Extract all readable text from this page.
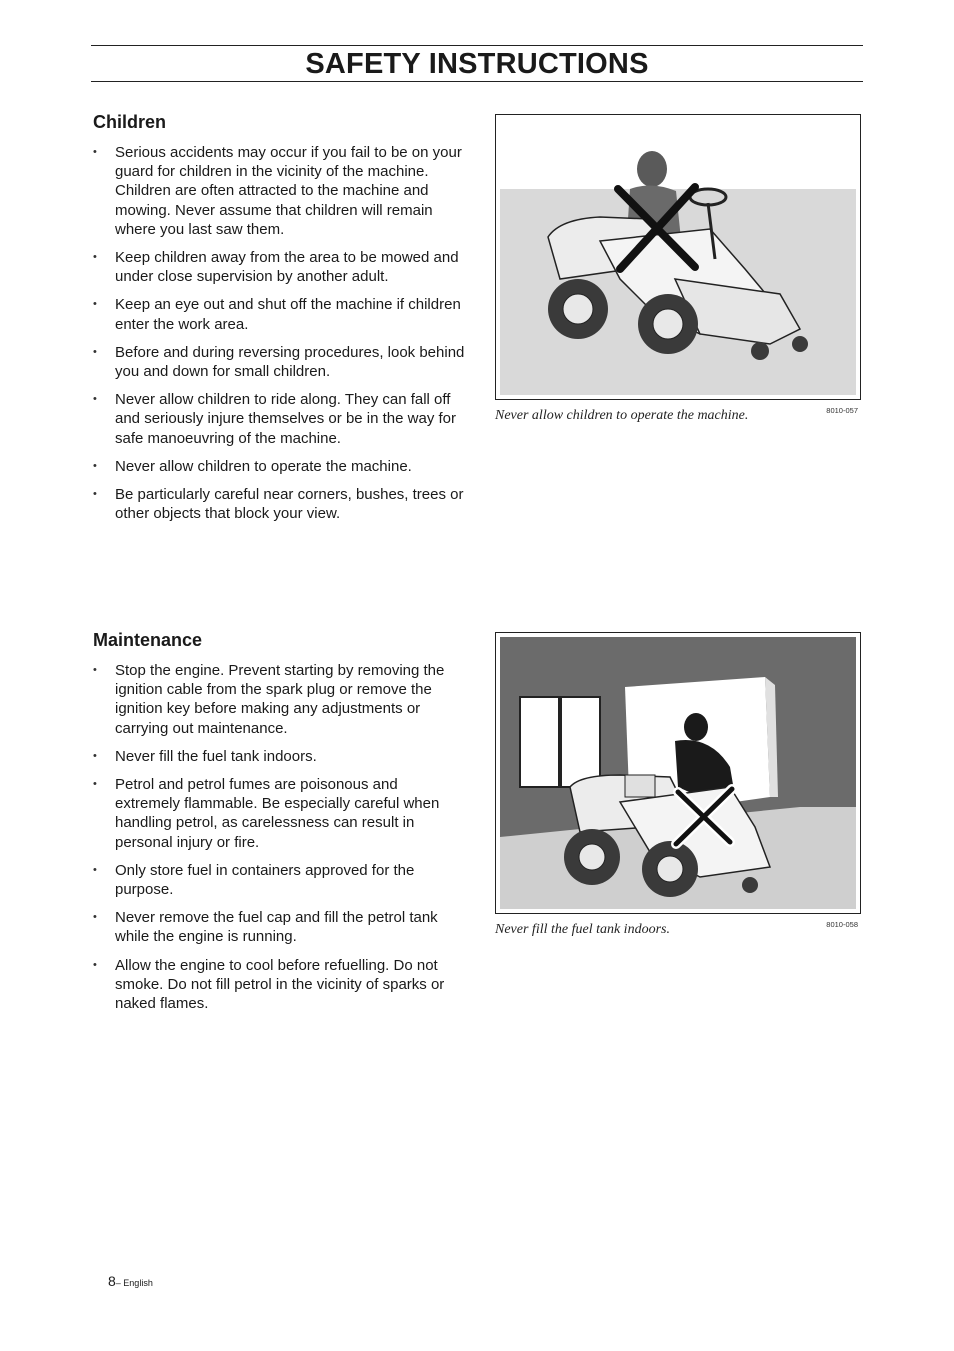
SAFETY INSTRUCTIONS
Children
• Serious accidents may occur if you fail to be on your guard for children in the vicinity of the machine. Children are often attracted to the machine and mowing. Never assume that children will remain where you last saw them.
• Keep children away from the area to be mowed and under close supervision by another adult.
• Keep an eye out and shut off the machine if children enter the work area.
• Before and during reversing procedures, look behind you and down for small children.
• Never allow children to ride along. They can fall off and seriously injure themselves or be in the way for safe manoeuvring of the machine.
• Never allow children to operate the machine.
• Be particularly careful near corners, bushes, trees or other objects that block your view.
Never allow children to operate the machine.	8010-057
Maintenance
• Stop the engine. Prevent starting by removing the ignition cable from the spark plug or remove the ignition key before making any adjustments or carrying out maintenance.
• Never fill the fuel tank indoors.
• Petrol and petrol fumes are poisonous and extremely flammable. Be especially careful when handling petrol, as carelessness can result in personal injury or fire.
• Only store fuel in containers approved for the purpose.
• Never remove the fuel cap and fill the petrol tank while the engine is running.
• Allow the engine to cool before refuelling. Do not smoke. Do not fill petrol in the vicinity of sparks or naked flames.
Never fill the fuel tank indoors.	8010-058
8– English
